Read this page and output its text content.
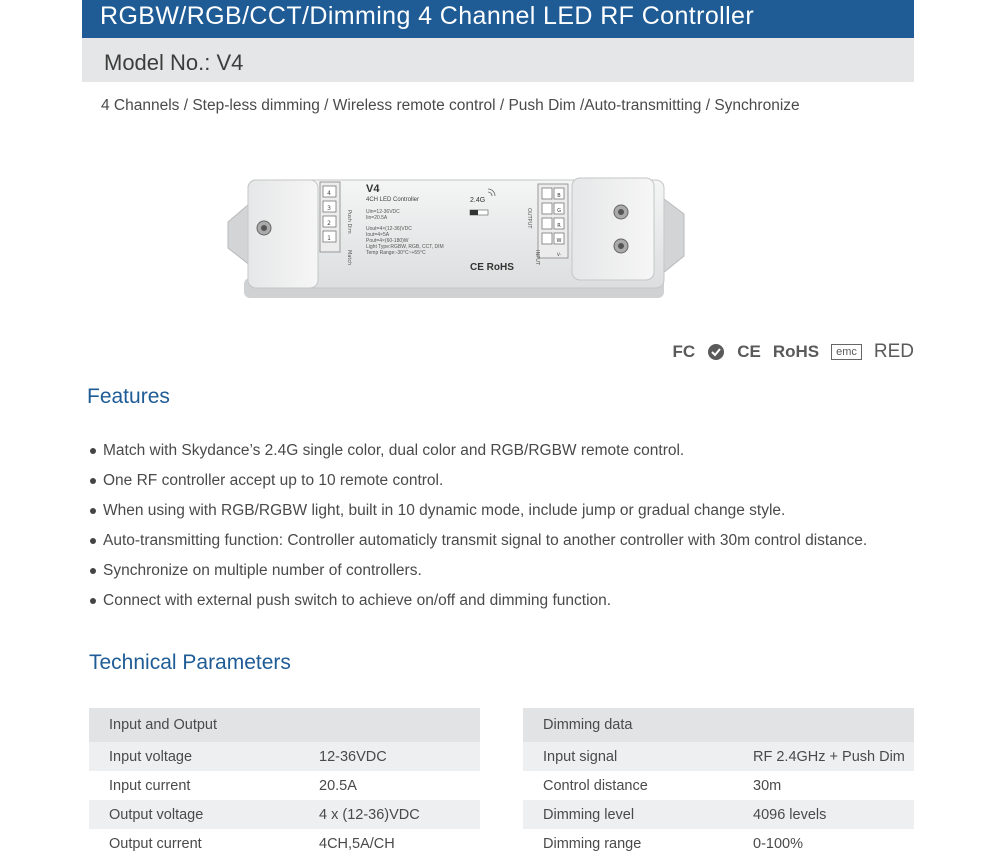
RGBW/RGB/CCT/Dimming 4 Channel LED RF Controller
Model No.: V4
4 Channels / Step-less dimming / Wireless remote control / Push Dim /Auto-transmitting / Synchronize
4
3
2
1
Push Dim
Match
V4
4CH LED Controller
Uin=12-36VDC
Iin=20.5A
Uout=4×(12-36)VDC
Iout=4×5A
Pout=4×(60-180)W
Light Type:RGBW, RGB, CCT, DIM
Temp Range:-30°C~+55°C
2.4G
CE RoHS
OUTPUT
B
G
R
W
INPUT	V-
FC CE RoHS	emc RED
Features
Match with Skydance’s 2.4G single color, dual color and RGB/RGBW remote control.
One RF controller accept up to 10 remote control.
When using with RGB/RGBW light, built in 10 dynamic mode, include jump or gradual change style.
Auto-transmitting function: Controller automaticly transmit signal to another controller with 30m control distance.
Synchronize on multiple number of controllers.
Connect with external push switch to achieve on/off and dimming function.
Technical Parameters
Input and Output	
Input voltage	12-36VDC
Input current	20.5A
Output voltage	4 x (12-36)VDC
Output current	4CH,5A/CH
Dimming data	
Input signal	RF 2.4GHz + Push Dim
Control distance	30m
Dimming level	4096 levels
Dimming range	0-100%
